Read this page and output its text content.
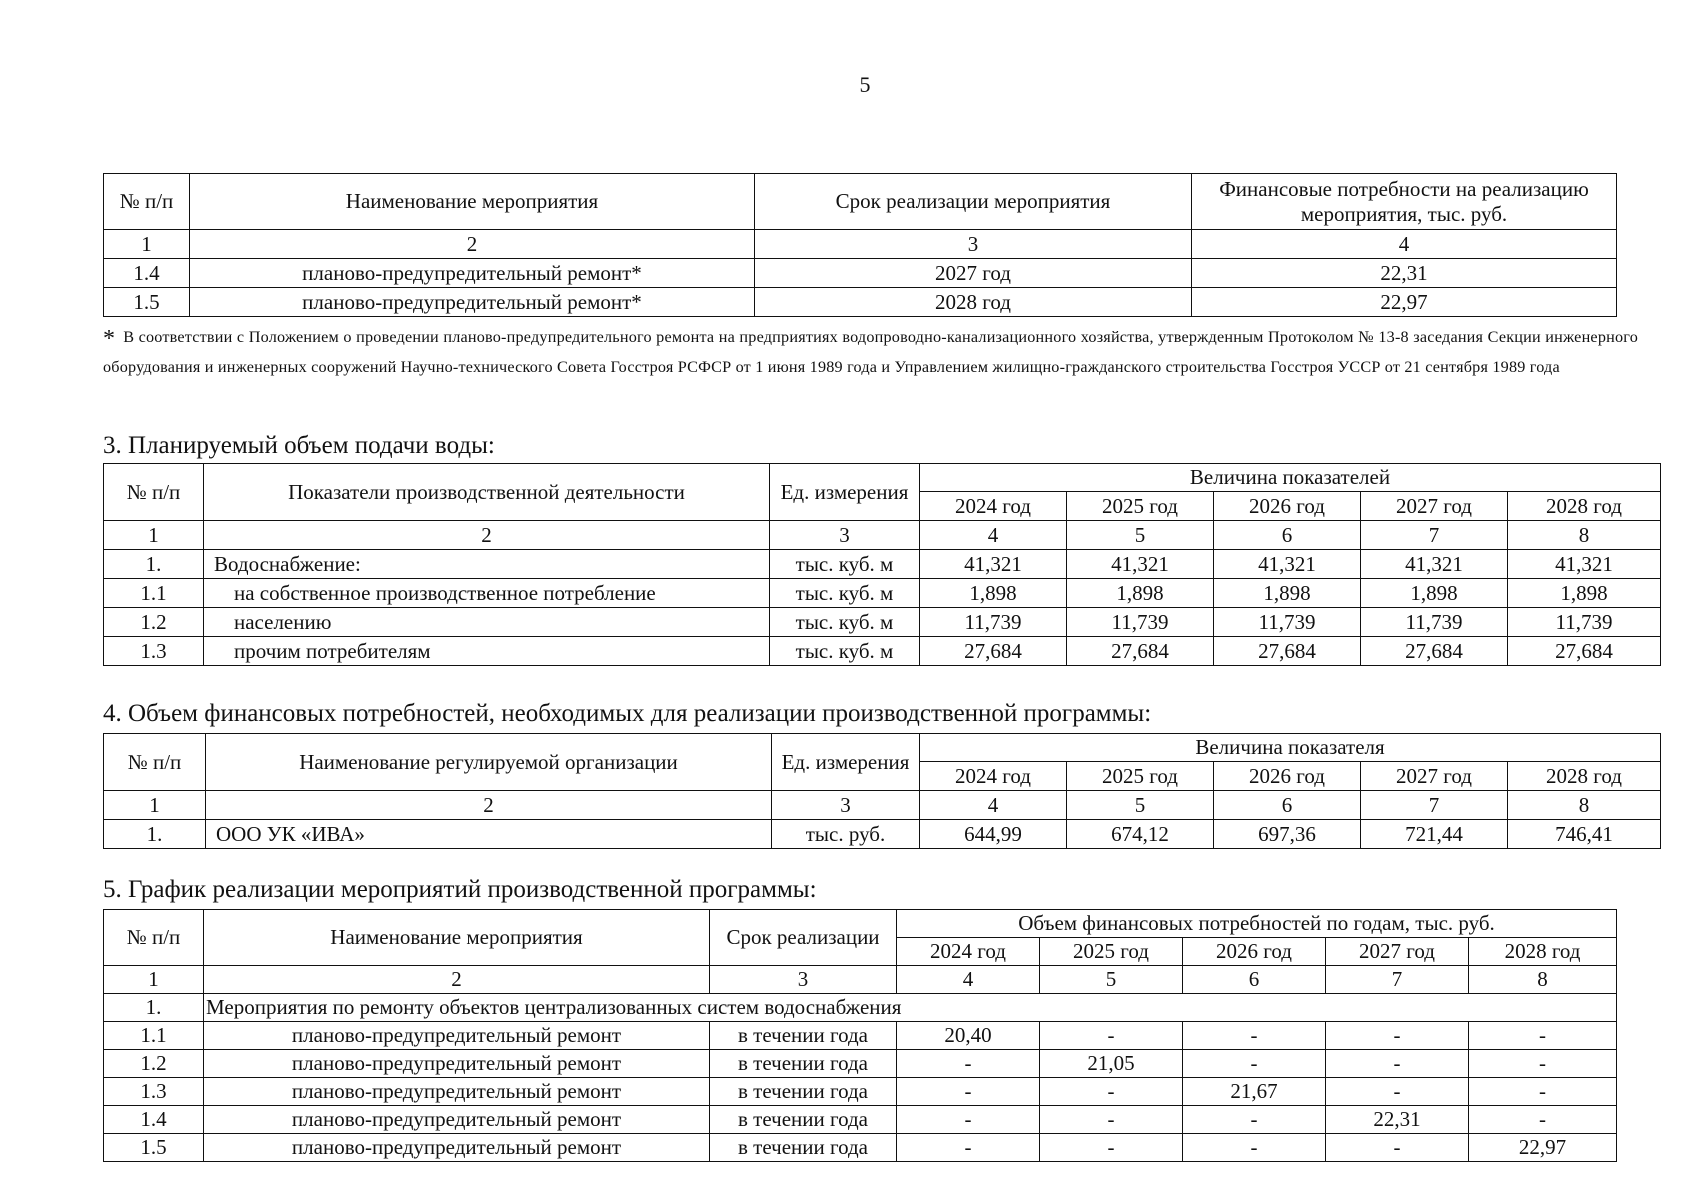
5
№ п/п	Наименование мероприятия	Срок реализации мероприятия	Финансовые потребности на реализацию мероприятия, тыс. руб.
1	2	3	4
1.4	планово-предупредительный ремонт*	2027 год	22,31
1.5	планово-предупредительный ремонт*	2028 год	22,97
* В соответствии с Положением о проведении планово-предупредительного ремонта на предприятиях водопроводно-канализационного хозяйства, утвержденным Протоколом № 13-8 заседания Секции инженерного оборудования и инженерных сооружений Научно-технического Совета Госстроя РСФСР от 1 июня 1989 года и Управлением жилищно-гражданского строительства Госстроя УССР от 21 сентября 1989 года
3. Планируемый объем подачи воды:
№ п/п	Показатели производственной деятельности	Ед. измерения	Величина показателей				
			2024 год	2025 год	2026 год	2027 год	2028 год
1	2	3	4	5	6	7	8
1.	Водоснабжение:	тыс. куб. м	41,321	41,321	41,321	41,321	41,321
1.1	на собственное производственное потребление	тыс. куб. м	1,898	1,898	1,898	1,898	1,898
1.2	населению	тыс. куб. м	11,739	11,739	11,739	11,739	11,739
1.3	прочим потребителям	тыс. куб. м	27,684	27,684	27,684	27,684	27,684
4. Объем финансовых потребностей, необходимых для реализации производственной программы:
№ п/п	Наименование регулируемой организации	Ед. измерения	Величина показателя				
			2024 год	2025 год	2026 год	2027 год	2028 год
1	2	3	4	5	6	7	8
1.	ООО УК «ИВА»	тыс. руб.	644,99	674,12	697,36	721,44	746,41
5. График реализации мероприятий производственной программы:
№ п/п	Наименование мероприятия	Срок реализации	Объем финансовых потребностей по годам, тыс. руб.				
			2024 год	2025 год	2026 год	2027 год	2028 год
1	2	3	4	5	6	7	8
1.	Мероприятия по ремонту объектов централизованных систем водоснабжения						
1.1	планово-предупредительный ремонт	в течении года	20,40	-	-	-	-
1.2	планово-предупредительный ремонт	в течении года	-	21,05	-	-	-
1.3	планово-предупредительный ремонт	в течении года	-	-	21,67	-	-
1.4	планово-предупредительный ремонт	в течении года	-	-	-	22,31	-
1.5	планово-предупредительный ремонт	в течении года	-	-	-	-	22,97
